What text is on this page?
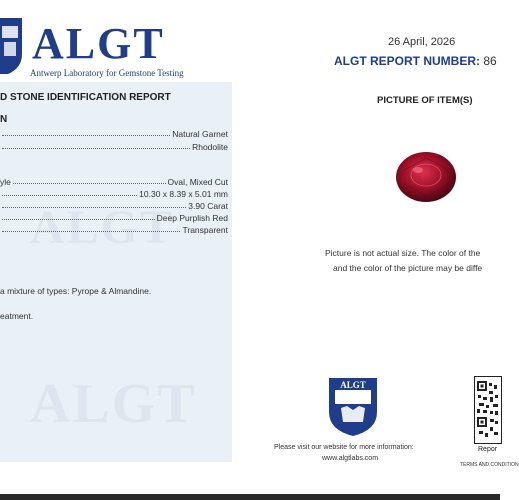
ALGT
ALGT
ALGT
Antwerp Laboratory for Gemstone Testing
D STONE IDENTIFICATION REPORT
N
Natural Garnet
Rhodolite
yle	Oval, Mixed Cut
10.30 x 8.39 x 5.01 mm
3.90 Carat
Deep Purplish Red
Transparent
a mixture of types: Pyrope & Almandine.
eatment.
26 April, 2026
ALGT REPORT NUMBER: 86
PICTURE OF ITEM(S)
Picture is not actual size. The color of the
and the color of the picture may be diffe
ALGT
Please visit our website for more information:
www.algtlabs.com
Repor
TERMS AND CONDITION
